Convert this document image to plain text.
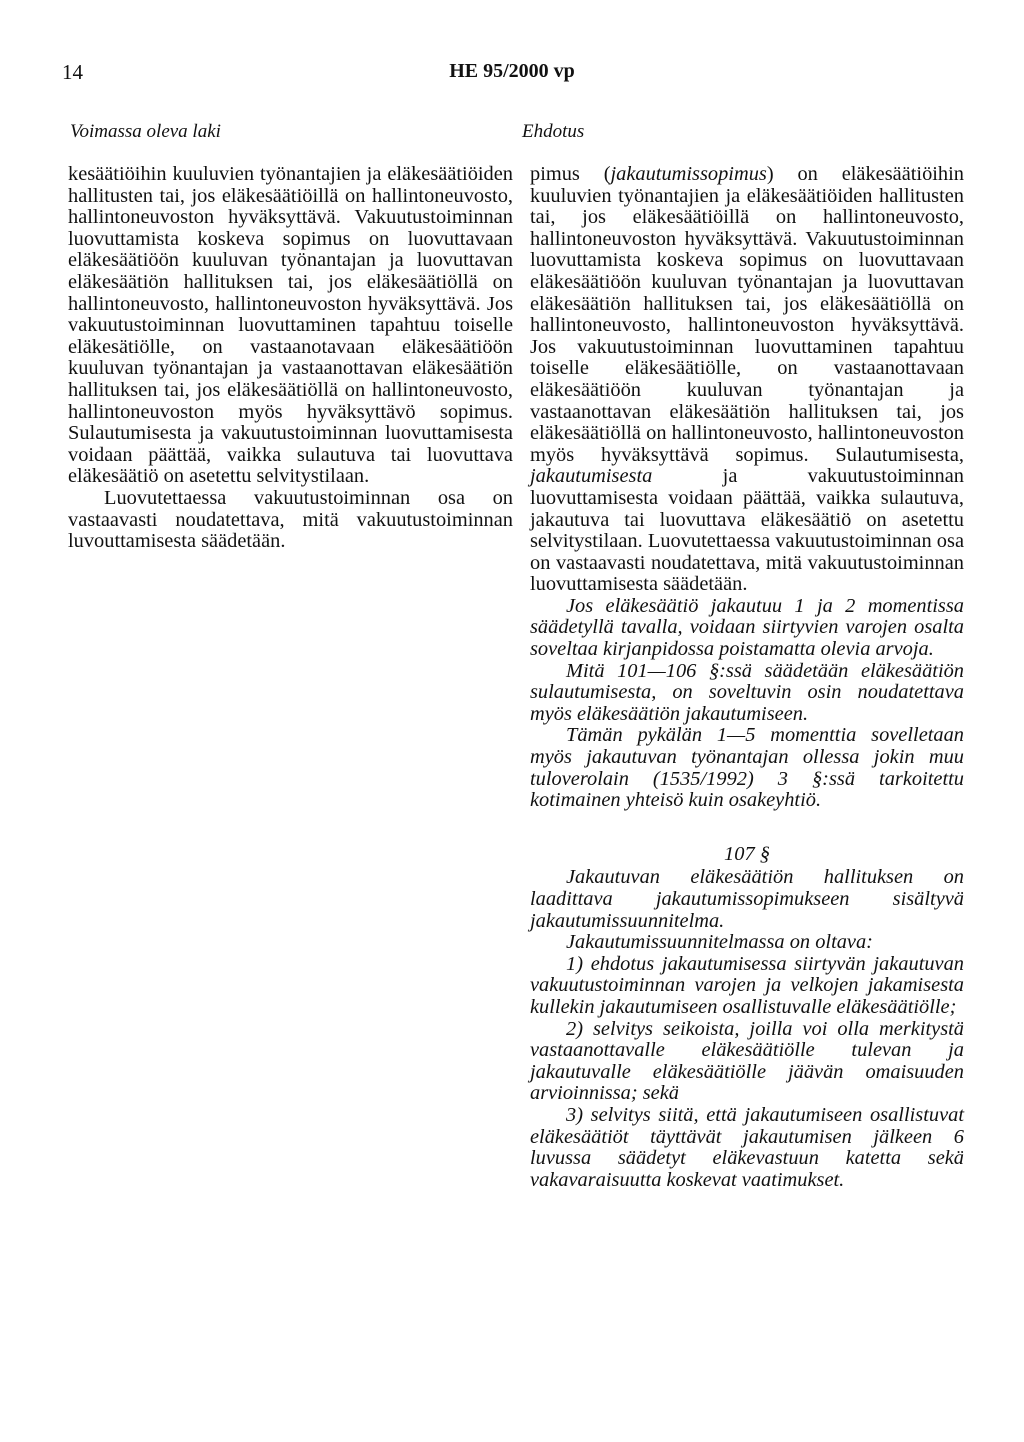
14	HE 95/2000 vp
Voimassa oleva laki	Ehdotus

kesäätiöihin kuuluvien työnantajien ja eläkesäätiöiden hallitusten tai, jos eläkesäätiöillä on hallintoneuvosto, hallintoneuvoston hyväksyttävä. Vakuutustoiminnan luovuttamista koskeva sopimus on luovuttavaan eläkesäätiöön kuuluvan työnantajan ja luovuttavan eläkesäätiön hallituksen tai, jos eläkesäätiöllä on hallintoneuvosto, hallintoneuvoston hyväksyttävä. Jos vakuutustoiminnan luovuttaminen tapahtuu toiselle eläkesätiölle, on vastaanotavaan eläkesäätiöön kuuluvan työnantajan ja vastaanottavan eläkesäätiön hallituksen tai, jos eläkesäätiöllä on hallintoneuvosto, hallintoneuvoston myös hyväksyttävö sopimus. Sulautumisesta ja vakuutustoiminnan luovuttamisesta voidaan päättää, vaikka sulautuva tai luovuttava eläkesäätiö on asetettu selvitystilaan.

Luovutettaessa vakuutustoiminnan osa on vastaavasti noudatettava, mitä vakuutustoiminnan luvouttamisesta säädetään.

pimus (jakautumissopimus) on eläkesäätiöihin kuuluvien työnantajien ja eläkesäätiöiden hallitusten tai, jos eläkesäätiöillä on hallintoneuvosto, hallintoneuvoston hyväksyttävä. Vakuutustoiminnan luovuttamista koskeva sopimus on luovuttavaan eläkesäätiöön kuuluvan työnantajan ja luovuttavan eläkesäätiön hallituksen tai, jos eläkesäätiöllä on hallintoneuvosto, hallintoneuvoston hyväksyttävä. Jos vakuutustoiminnan luovuttaminen tapahtuu toiselle eläkesäätiölle, on vastaanottavaan eläkesäätiöön kuuluvan työnantajan ja vastaanottavan eläkesäätiön hallituksen tai, jos eläkesäätiöllä on hallintoneuvosto, hallintoneuvoston myös hyväksyttävä sopimus. Sulautumisesta, jakautumisesta ja vakuutustoiminnan luovuttamisesta voidaan päättää, vaikka sulautuva, jakautuva tai luovuttava eläkesäätiö on asetettu selvitystilaan. Luovutettaessa vakuutustoiminnan osa on vastaavasti noudatettava, mitä vakuutustoiminnan luovuttamisesta säädetään.

Jos eläkesäätiö jakautuu 1 ja 2 momentissa säädetyllä tavalla, voidaan siirtyvien varojen osalta soveltaa kirjanpidossa poistamatta olevia arvoja.

Mitä 101—106 §:ssä säädetään eläkesäätiön sulautumisesta, on soveltuvin osin noudatettava myös eläkesäätiön jakautumiseen.

Tämän pykälän 1—5 momenttia sovelletaan myös jakautuvan työnantajan ollessa jokin muu tuloverolain (1535/1992) 3 §:ssä tarkoitettu kotimainen yhteisö kuin osakeyhtiö.

107 §

Jakautuvan eläkesäätiön hallituksen on laadittava jakautumissopimukseen sisältyvä jakautumissuunnitelma.

Jakautumissuunnitelmassa on oltava:

1) ehdotus jakautumisessa siirtyvän jakautuvan vakuutustoiminnan varojen ja velkojen jakamisesta kullekin jakautumiseen osallistuvalle eläkesäätiölle;

2) selvitys seikoista, joilla voi olla merkitystä vastaanottavalle eläkesäätiölle tulevan ja jakautuvalle eläkesäätiölle jäävän omaisuuden arvioinnissa; sekä

3) selvitys siitä, että jakautumiseen osallistuvat eläkesäätiöt täyttävät jakautumisen jälkeen 6 luvussa säädetyt eläkevastuun katetta sekä vakavaraisuutta koskevat vaatimukset.
